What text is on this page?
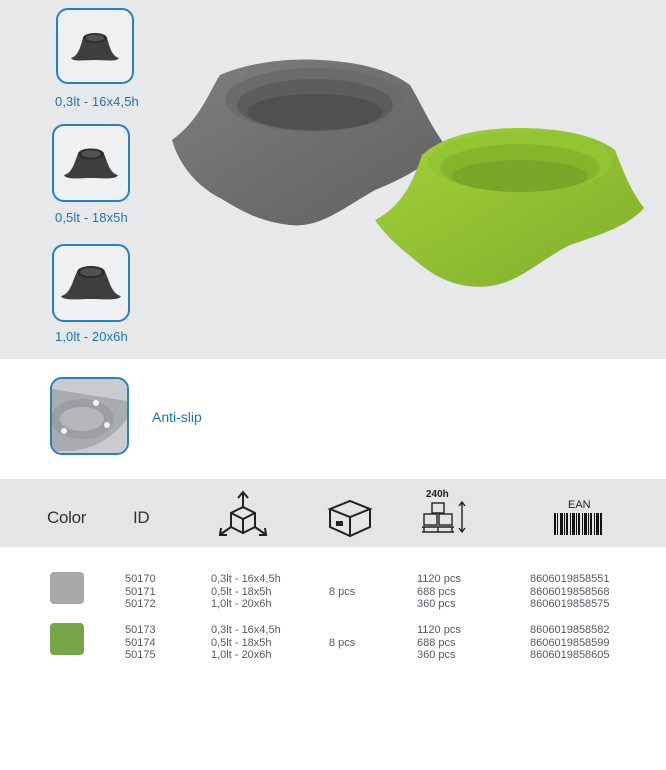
0,3lt - 16x4,5h
0,5lt - 18x5h
1,0lt - 20x6h
Anti-slip
Color	ID
240h
EAN
50170
50171
50172
0,3lt - 16x4,5h
0,5lt - 18x5h
1,0lt - 20x6h
8 pcs
1120 pcs
688 pcs
360 pcs
8606019858551
8606019858568
8606019858575
50173
50174
50175
0,3lt - 16x4,5h
0,5lt - 18x5h
1,0lt - 20x6h
8 pcs
1120 pcs
688 pcs
360 pcs
8606019858582
8606019858599
8606019858605
